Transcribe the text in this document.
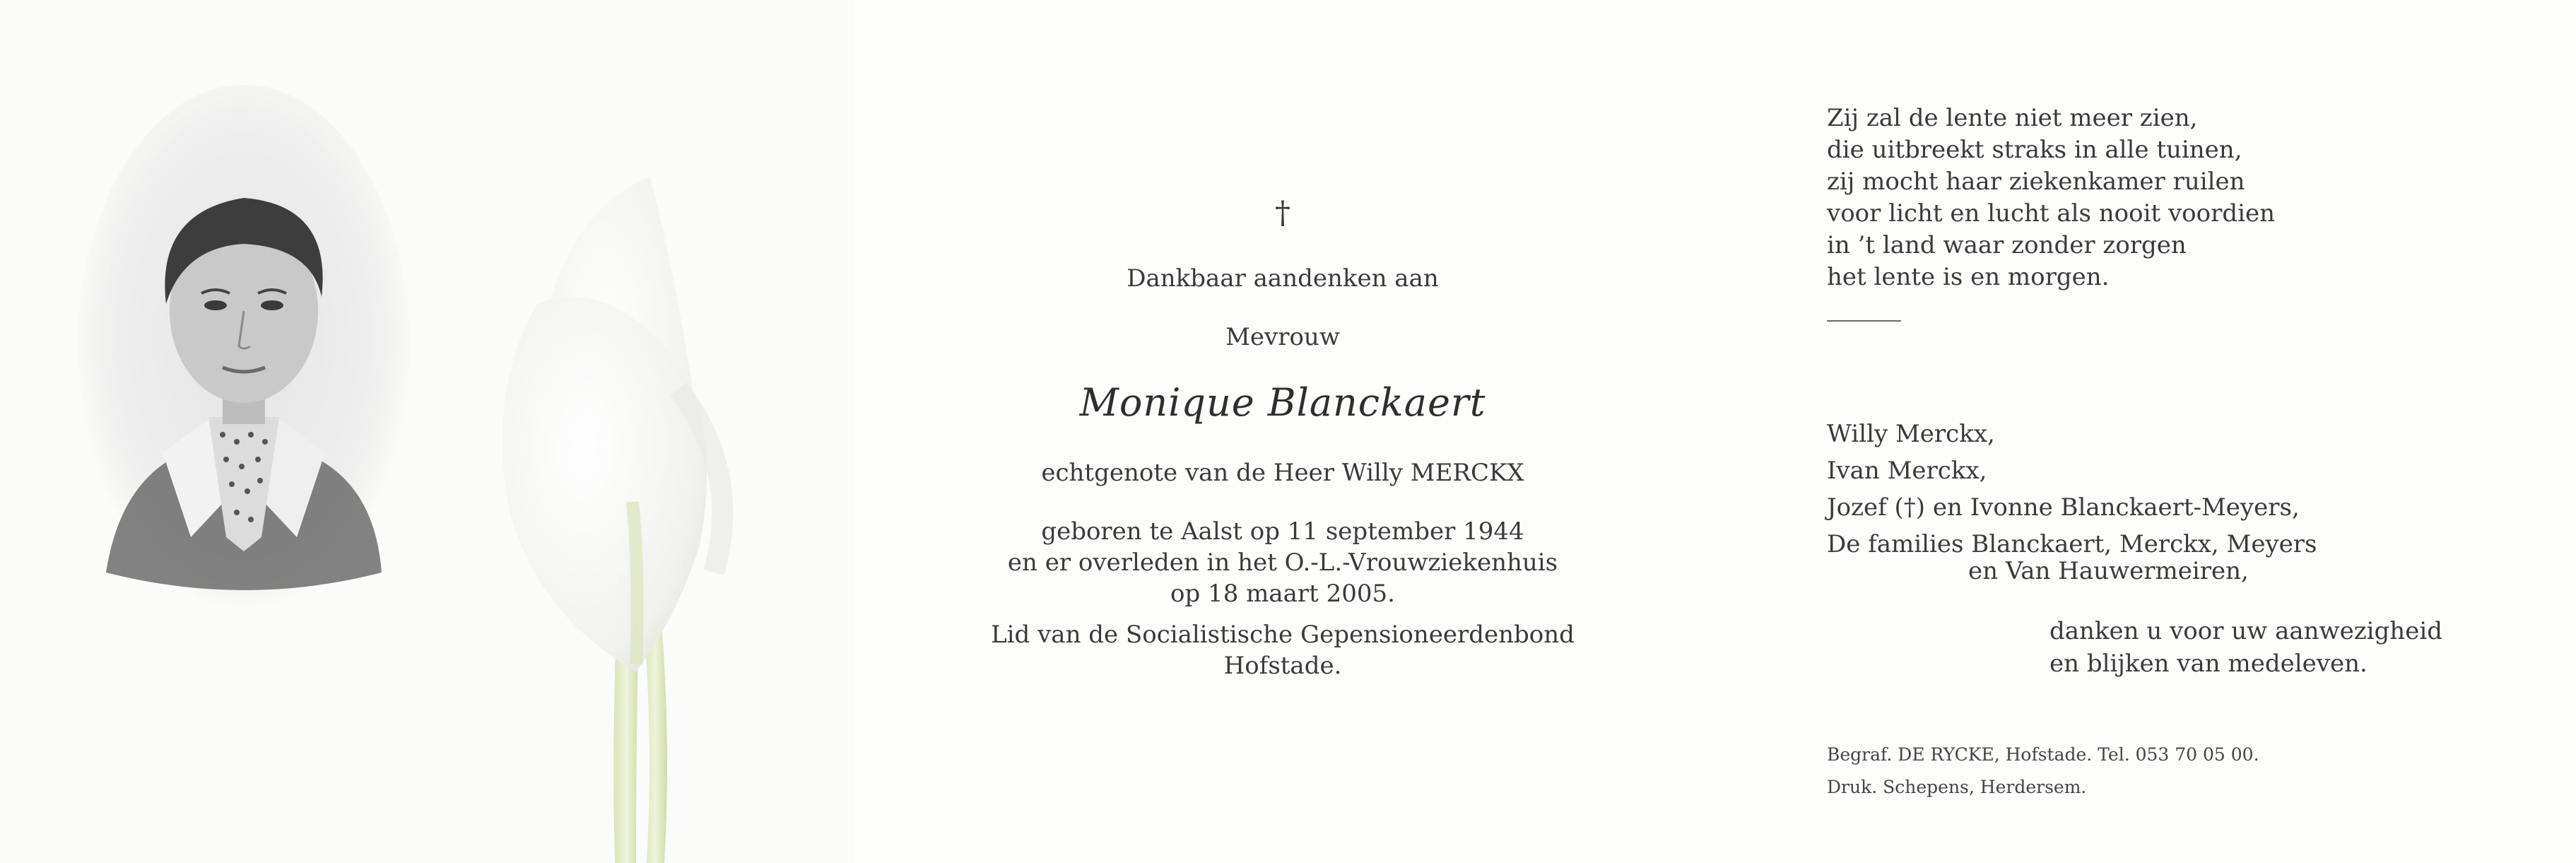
†
Dankbaar aandenken aan
Mevrouw
Monique Blanckaert
echtgenote van de Heer Willy MERCKX
geboren te Aalst op 11 september 1944
en er overleden in het O.-L.-Vrouwziekenhuis
op 18 maart 2005.
Lid van de Socialistische Gepensioneerdenbond
Hofstade.
Zij zal de lente niet meer zien,
die uitbreekt straks in alle tuinen,
zij mocht haar ziekenkamer ruilen
voor licht en lucht als nooit voordien
in ’t land waar zonder zorgen
het lente is en morgen.
Willy Merckx,
Ivan Merckx,
Jozef (†) en Ivonne Blanckaert-Meyers,
De families Blanckaert, Merckx, Meyers
en Van Hauwermeiren,
danken u voor uw aanwezigheid
en blijken van medeleven.
Begraf. DE RYCKE, Hofstade. Tel. 053 70 05 00.
Druk. Schepens, Herdersem.
